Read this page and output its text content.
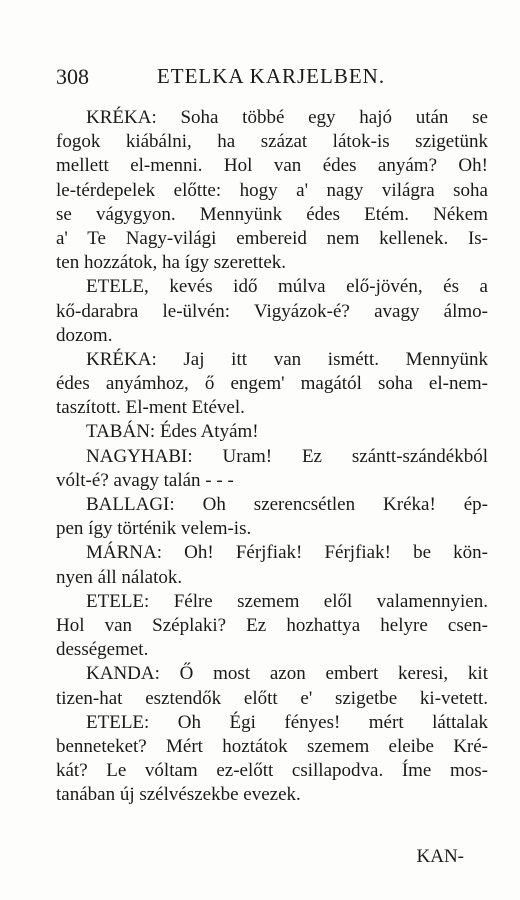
308	ETELKA KARJELBEN.
KRÉKA: Soha többé egy hajó után se
fogok kiábálni, ha százat látok-is szigetünk
mellett el-menni. Hol van édes anyám? Oh!
le-térdepelek előtte: hogy a' nagy világra soha
se vágygyon. Mennyünk édes Etém. Nékem
a' Te Nagy-világi embereid nem kellenek. Is-
ten hozzátok, ha így szerettek.
ETELE, kevés idő múlva elő-jövén, és a
kő-darabra le-ülvén: Vigyázok-é? avagy álmo-
dozom.
KRÉKA: Jaj itt van ismétt. Mennyünk
édes anyámhoz, ő engem' magától soha el-nem-
taszított. El-ment Etével.
TABÁN: Édes Atyám!
NAGYHABI: Uram! Ez szántt-szándékból
vólt-é? avagy talán - - -
BALLAGI: Oh szerencsétlen Kréka! ép-
pen így történik velem-is.
MÁRNA: Oh! Férjfiak! Férjfiak! be kön-
nyen áll nálatok.
ETELE: Félre szemem elől valamennyien.
Hol van Széplaki? Ez hozhattya helyre csen-
dességemet.
KANDA: Ő most azon embert keresi, kit
tizen-hat esztendők előtt e' szigetbe ki-vetett.
ETELE: Oh Égi fényes! mért láttalak
benneteket? Mért hoztátok szemem eleibe Kré-
kát? Le vóltam ez-előtt csillapodva. Íme mos-
tanában új szélvészekbe evezek.
KAN-
